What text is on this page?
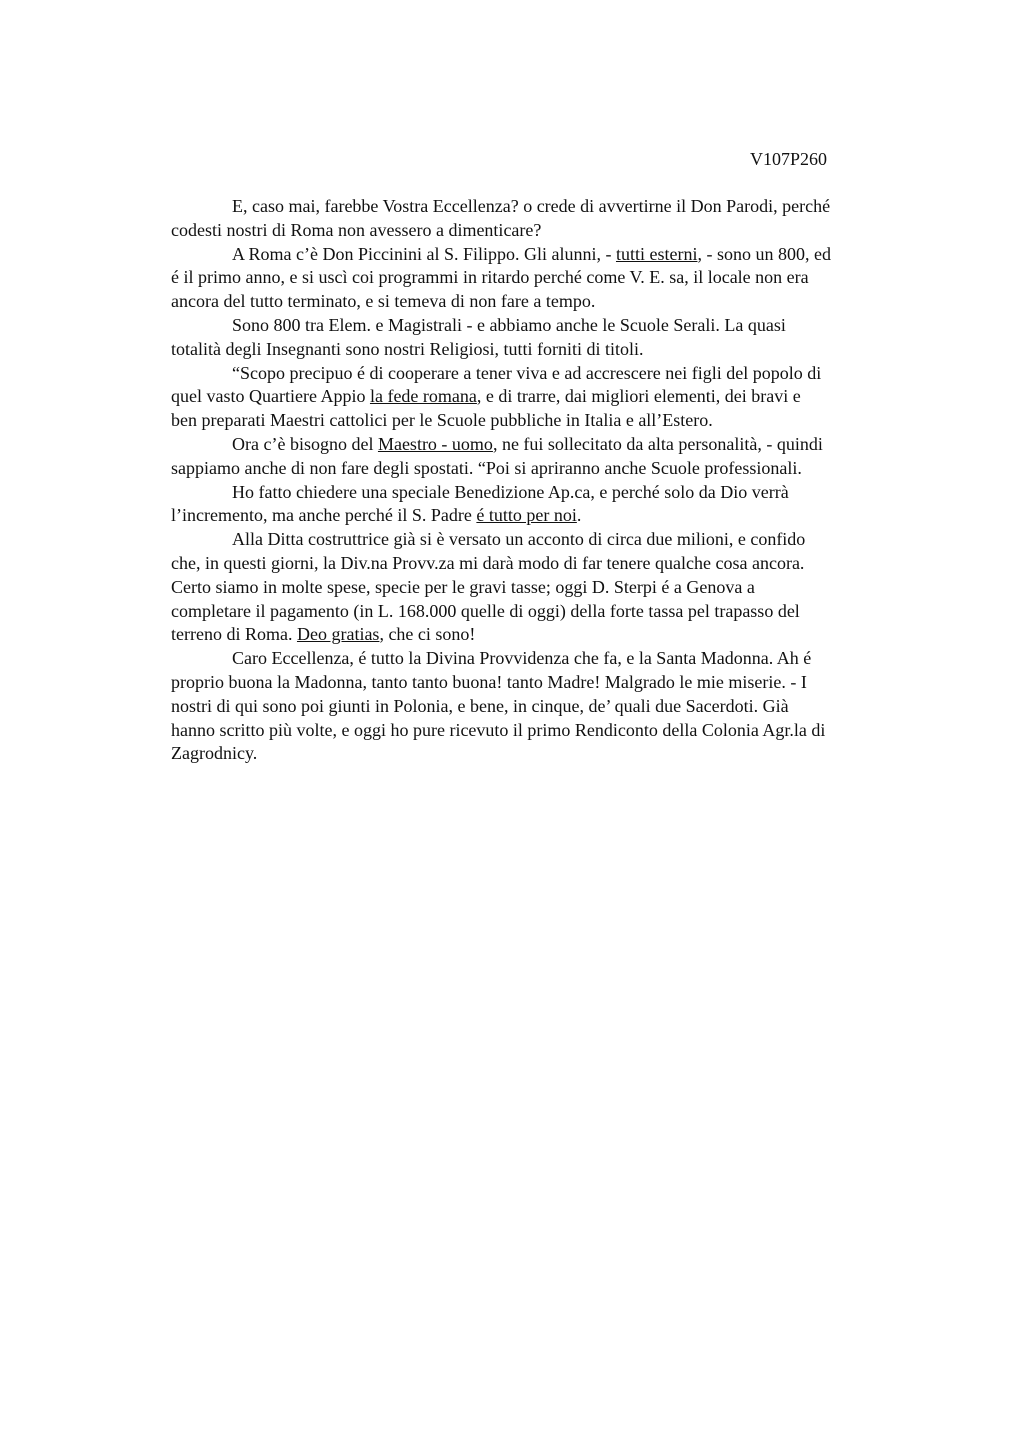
V107P260

E, caso mai, farebbe Vostra Eccellenza? o crede di avvertirne il Don Parodi, perché
codesti nostri di Roma non avessero a dimenticare?

A Roma c’è Don Piccinini al S. Filippo. Gli alunni, - tutti esterni, - sono un 800, ed
é il primo anno, e si uscì coi programmi in ritardo perché come V. E. sa, il locale non era
ancora del tutto terminato, e si temeva di non fare a tempo.

Sono 800 tra Elem. e Magistrali - e abbiamo anche le Scuole Serali. La quasi
totalità degli Insegnanti sono nostri Religiosi, tutti forniti di titoli.

“Scopo precipuo é di cooperare a tener viva e ad accrescere nei figli del popolo di
quel vasto Quartiere Appio la fede romana, e di trarre, dai migliori elementi, dei bravi e
ben preparati Maestri cattolici per le Scuole pubbliche in Italia e all’Estero.

Ora c’è bisogno del Maestro - uomo, ne fui sollecitato da alta personalità, - quindi
sappiamo anche di non fare degli spostati. “Poi si apriranno anche Scuole professionali.

Ho fatto chiedere una speciale Benedizione Ap.ca, e perché solo da Dio verrà
l’incremento, ma anche perché il S. Padre é tutto per noi.

Alla Ditta costruttrice già si è versato un acconto di circa due milioni, e confido
che, in questi giorni, la Div.na Provv.za mi darà modo di far tenere qualche cosa ancora.
Certo siamo in molte spese, specie per le gravi tasse; oggi D. Sterpi é a Genova a
completare il pagamento (in L. 168.000 quelle di oggi) della forte tassa pel trapasso del
terreno di Roma. Deo gratias, che ci sono!

Caro Eccellenza, é tutto la Divina Provvidenza che fa, e la Santa Madonna. Ah é
proprio buona la Madonna, tanto tanto buona! tanto Madre! Malgrado le mie miserie. - I
nostri di qui sono poi giunti in Polonia, e bene, in cinque, de’ quali due Sacerdoti. Già
hanno scritto più volte, e oggi ho pure ricevuto il primo Rendiconto della Colonia Agr.la di
Zagrodnicy.
